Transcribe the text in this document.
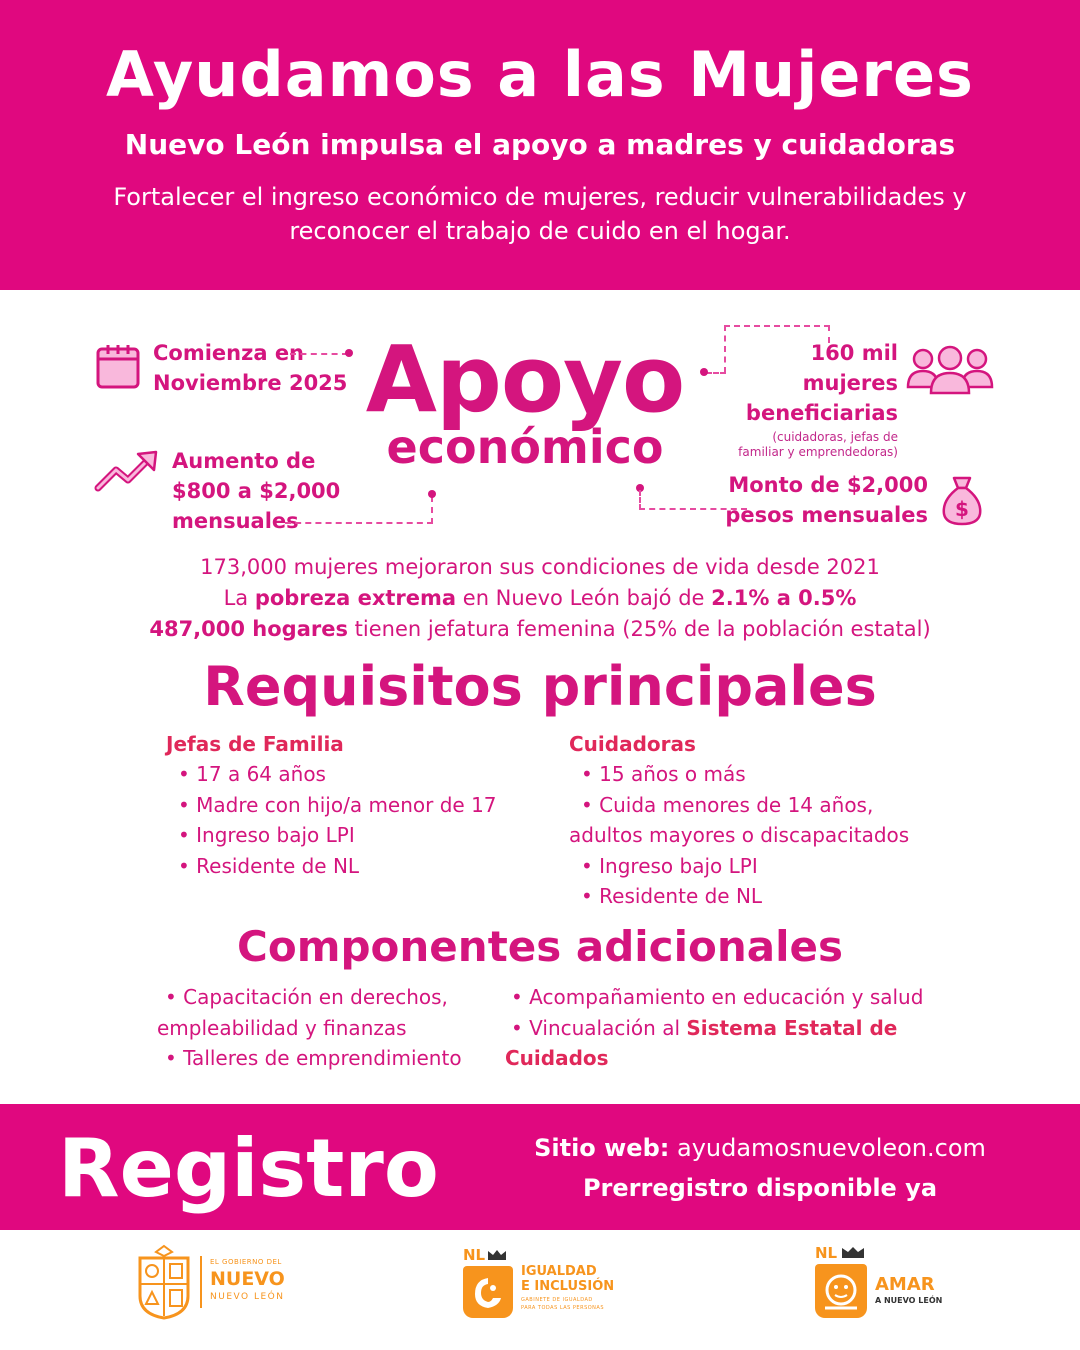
Ayudamos a las Mujeres
Nuevo León impulsa el apoyo a madres y cuidadoras
Fortalecer el ingreso económico de mujeres, reducir vulnerabilidades y
reconocer el trabajo de cuido en el hogar.
Apoyo
económico
Comienza en
Noviembre 2025
160 mil mujeres
beneficiarias
(cuidadoras, jefas de
familiar y emprendedoras)
Aumento de
$800 a $2,000
mensuales
Monto de $2,000
pesos mensuales $
173,000 mujeres mejoraron sus condiciones de vida desde 2021
La pobreza extrema en Nuevo León bajó de 2.1% a 0.5%
487,000 hogares tienen jefatura femenina (25% de la población estatal)
Requisitos principales
Jefas de Familia
• 17 a 64 años
• Madre con hijo/a menor de 17
• Ingreso bajo LPI
• Residente de NL
Cuidadoras
• 15 años o más
• Cuida menores de 14 años,
adultos mayores o discapacitados
• Ingreso bajo LPI
• Residente de NL
Componentes adicionales
• Capacitación en derechos,
empleabilidad y finanzas
• Talleres de emprendimiento
• Acompañamiento en educación y salud
• Vincualación al Sistema Estatal de
Cuidados
Registro	Sitio web: ayudamosnuevoleon.com
Prerregistro disponible ya
EL GOBIERNO DEL
NUEVO
NUEVO LEÓN
NL
IGUALDAD
E INCLUSIÓN
GABINETE DE IGUALDAD
PARA TODAS LAS PERSONAS
NL
AMAR
A NUEVO LEÓN
